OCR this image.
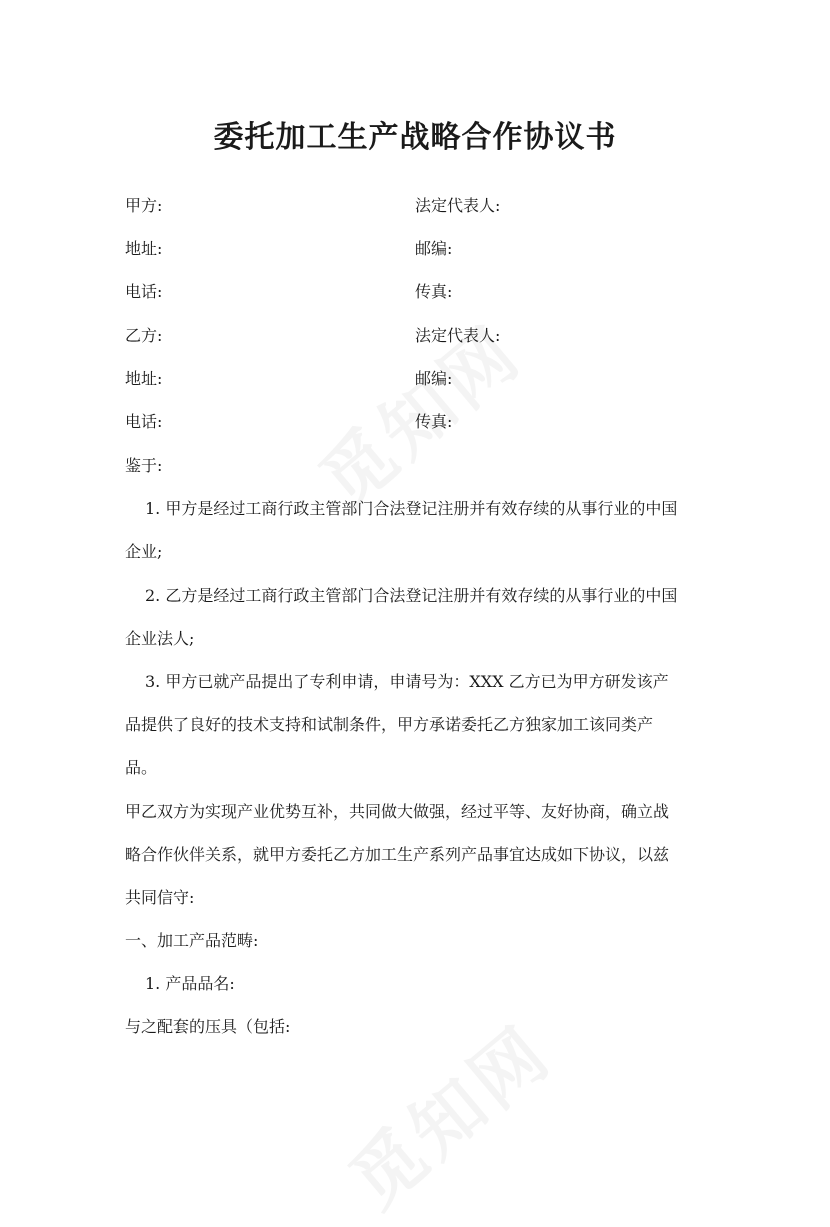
委托加工生产战略合作协议书
甲方:	法定代表人:
地址:	邮编:
电话:	传真:
乙方:	法定代表人:
地址:	邮编:
电话:	传真:
鉴于:
1. 甲方是经过工商行政主管部门合法登记注册并有效存续的从事行业的中国
企业;
2. 乙方是经过工商行政主管部门合法登记注册并有效存续的从事行业的中国
企业法人;
3. 甲方已就产品提出了专利申请，申请号为：XXX 乙方已为甲方研发该产
品提供了良好的技术支持和试制条件，甲方承诺委托乙方独家加工该同类产
品。
甲乙双方为实现产业优势互补，共同做大做强，经过平等、友好协商，确立战
略合作伙伴关系，就甲方委托乙方加工生产系列产品事宜达成如下协议，以兹
共同信守:
一、加工产品范畴:
1. 产品品名:
与之配套的压具（包括:
